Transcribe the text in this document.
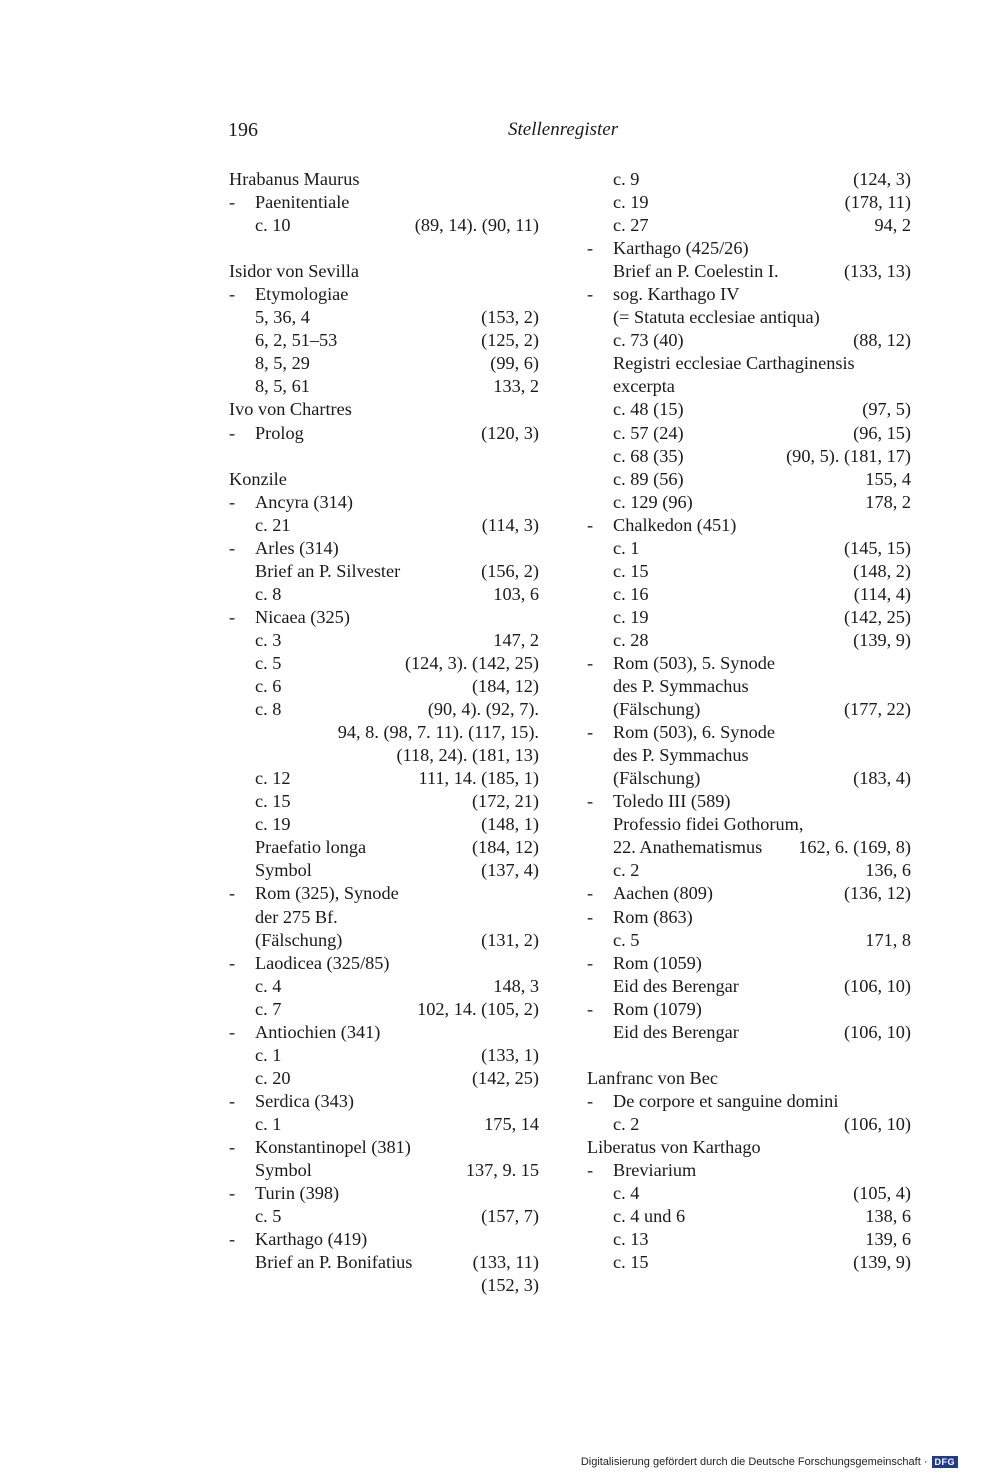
196	Stellenregister
Hrabanus Maurus
- Paenitentiale
c. 10	(89, 14). (90, 11)
Isidor von Sevilla
- Etymologiae
5, 36, 4	(153, 2)
6, 2, 51–53	(125, 2)
8, 5, 29	(99, 6)
8, 5, 61	133, 2
Ivo von Chartres
- Prolog	(120, 3)
Konzile
- Ancyra (314)
c. 21	(114, 3)
- Arles (314)
Brief an P. Silvester	(156, 2)
c. 8	103, 6
- Nicaea (325)
c. 3	147, 2
c. 5	(124, 3). (142, 25)
c. 6	(184, 12)
c. 8	(90, 4). (92, 7).
94, 8. (98, 7. 11). (117, 15).
(118, 24). (181, 13)
c. 12	111, 14. (185, 1)
c. 15	(172, 21)
c. 19	(148, 1)
Praefatio longa	(184, 12)
Symbol	(137, 4)
- Rom (325), Synode
der 275 Bf.
(Fälschung)	(131, 2)
- Laodicea (325/85)
c. 4	148, 3
c. 7	102, 14. (105, 2)
- Antiochien (341)
c. 1	(133, 1)
c. 20	(142, 25)
- Serdica (343)
c. 1	175, 14
- Konstantinopel (381)
Symbol	137, 9. 15
- Turin (398)
c. 5	(157, 7)
- Karthago (419)
Brief an P. Bonifatius	(133, 11)
(152, 3)
c. 9	(124, 3)
c. 19	(178, 11)
c. 27	94, 2
- Karthago (425/26)
Brief an P. Coelestin I.	(133, 13)
- sog. Karthago IV
(= Statuta ecclesiae antiqua)
c. 73 (40)	(88, 12)
Registri ecclesiae Carthaginensis
excerpta
c. 48 (15)	(97, 5)
c. 57 (24)	(96, 15)
c. 68 (35)	(90, 5). (181, 17)
c. 89 (56)	155, 4
c. 129 (96)	178, 2
- Chalkedon (451)
c. 1	(145, 15)
c. 15	(148, 2)
c. 16	(114, 4)
c. 19	(142, 25)
c. 28	(139, 9)
- Rom (503), 5. Synode
des P. Symmachus
(Fälschung)	(177, 22)
- Rom (503), 6. Synode
des P. Symmachus
(Fälschung)	(183, 4)
- Toledo III (589)
Professio fidei Gothorum,
22. Anathematismus 162, 6. (169, 8)
c. 2	136, 6
- Aachen (809)	(136, 12)
- Rom (863)
c. 5	171, 8
- Rom (1059)
Eid des Berengar	(106, 10)
- Rom (1079)
Eid des Berengar	(106, 10)
Lanfranc von Bec
- De corpore et sanguine domini
c. 2	(106, 10)
Liberatus von Karthago
- Breviarium
c. 4	(105, 4)
c. 4 und 6	138, 6
c. 13	139, 6
c. 15	(139, 9)
Digitalisierung gefördert durch die Deutsche Forschungsgemeinschaft · DFG
